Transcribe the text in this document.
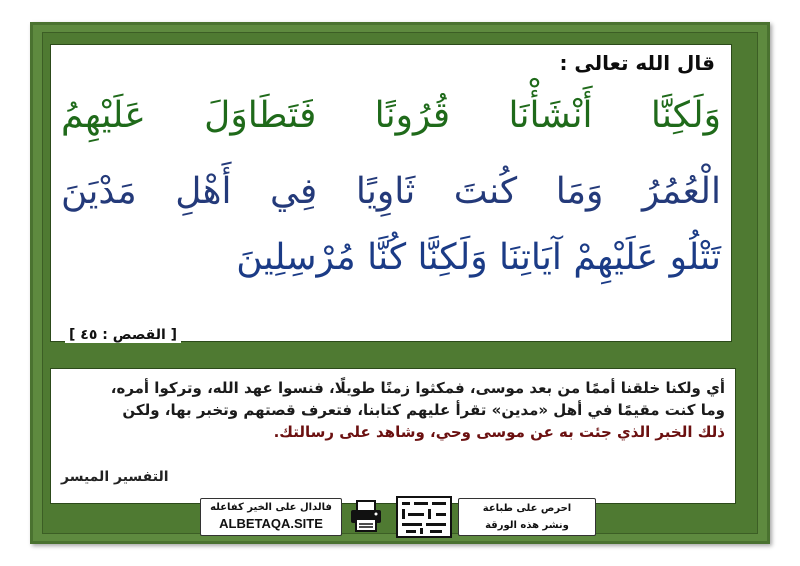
قال الله تعالى :
وَلَكِنَّا أَنْشَأْنَا قُرُونًا فَتَطَاوَلَ عَلَيْهِمُ
الْعُمُرُ وَمَا كُنتَ ثَاوِيًا فِي أَهْلِ مَدْيَنَ
تَتْلُو عَلَيْهِمْ آيَاتِنَا وَلَكِنَّا كُنَّا مُرْسِلِينَ
[ القصص : ٤٥ ]
أي ولكنا خلقنا أممًا من بعد موسى، فمكثوا زمنًا طويلًا، فنسوا عهد الله، وتركوا أمره،
وما كنت مقيمًا في أهل «مدين» تقرأ عليهم كتابنا، فتعرف قصتهم وتخبر بها، ولكن
ذلك الخبر الذي جئت به عن موسى وحي، وشاهد على رسالتك.
التفسير الميسر
فالدال على الخير كفاعله
ALBETAQA.SITE
احرص على طباعة
ونشر هذه الورقة
